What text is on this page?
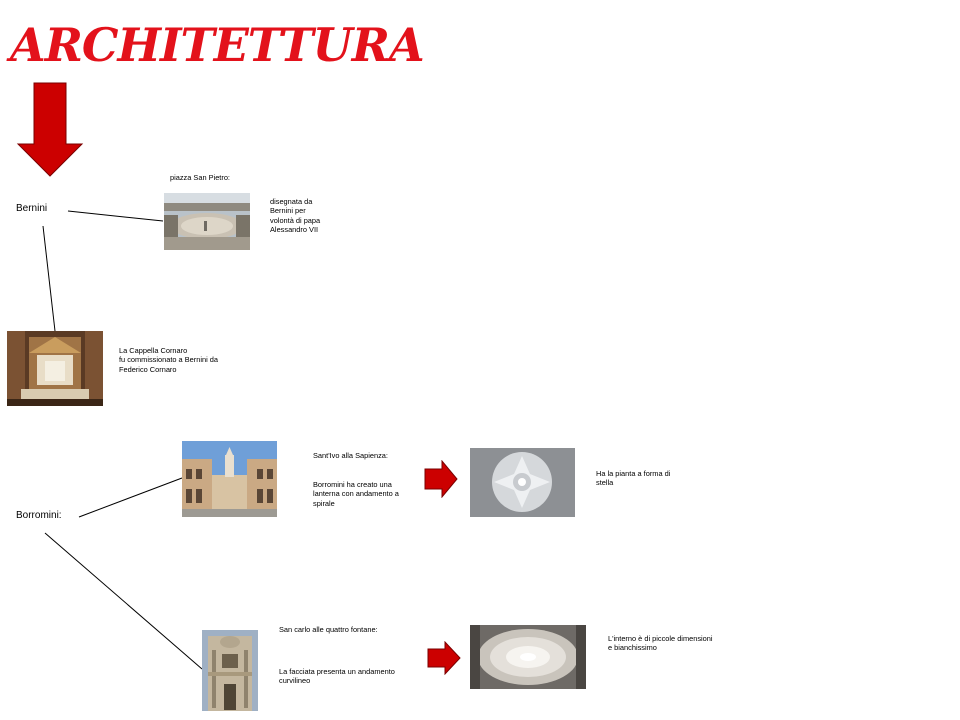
ARCHITETTURA
Bernini
Borromini:
piazza San Pietro:
disegnata da
Bernini per
volontà di papa
Alessandro VII
La Cappella Cornaro
fu commissionato a Bernini da
Federico Cornaro
Sant'Ivo alla Sapienza:
Borromini ha creato una
lanterna con andamento a
spirale
Ha la pianta a forma di
stella
San carlo alle quattro fontane:
La facciata presenta un andamento
curvilineo
L'interno è di piccole dimensioni
e bianchissimo
